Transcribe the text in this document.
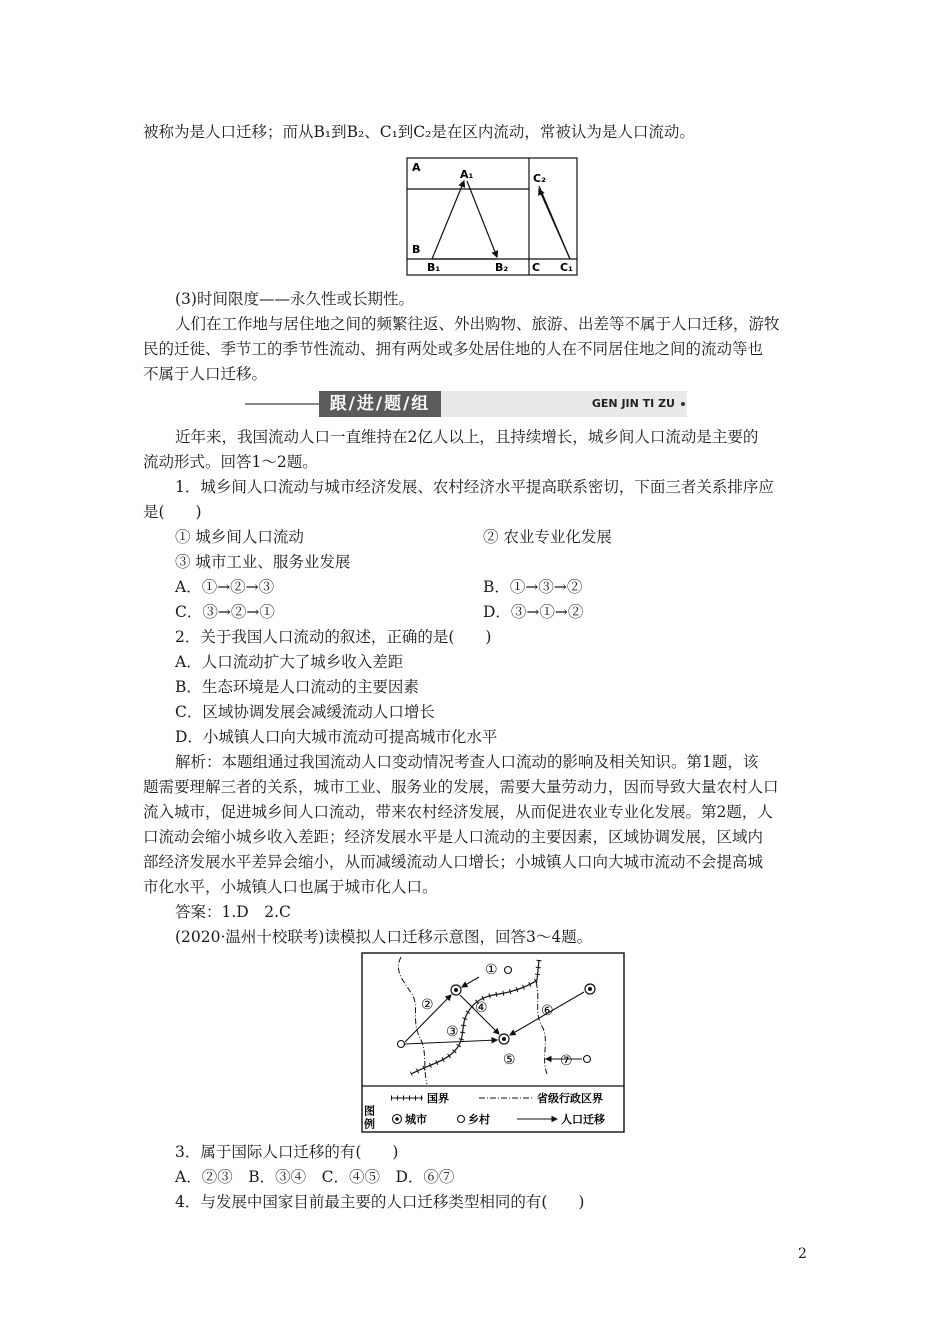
被称为是人口迁移；而从B₁到B₂、C₁到C₂是在区内流动，常被认为是人口流动。
A
A₁
B
B₁	B₂
C₂
C C₁
(3)时间限度——永久性或长期性。
人们在工作地与居住地之间的频繁往返、外出购物、旅游、出差等不属于人口迁移，游牧
民的迁徙、季节工的季节性流动、拥有两处或多处居住地的人在不同居住地之间的流动等也
不属于人口迁移。
跟/进/题/组	GEN JIN TI ZU
近年来，我国流动人口一直维持在2亿人以上，且持续增长，城乡间人口流动是主要的
流动形式。回答1～2题。
1．城乡间人口流动与城市经济发展、农村经济水平提高联系密切，下面三者关系排序应
是(　　)
① 城乡间人口流动	② 农业专业化发展
③ 城市工业、服务业发展
A．①→②→③	B．①→③→②
C．③→②→①	D．③→①→②
2．关于我国人口流动的叙述，正确的是(　　)
A．人口流动扩大了城乡收入差距
B．生态环境是人口流动的主要因素
C．区域协调发展会减缓流动人口增长
D．小城镇人口向大城市流动可提高城市化水平
解析：本题组通过我国流动人口变动情况考查人口流动的影响及相关知识。第1题，该
题需要理解三者的关系，城市工业、服务业的发展，需要大量劳动力，因而导致大量农村人口
流入城市，促进城乡间人口流动，带来农村经济发展，从而促进农业专业化发展。第2题，人
口流动会缩小城乡收入差距；经济发展水平是人口流动的主要因素，区域协调发展，区域内
部经济发展水平差异会缩小，从而减缓流动人口增长；小城镇人口向大城市流动不会提高城
市化水平，小城镇人口也属于城市化人口。
答案：1.D　2.C
(2020·温州十校联考)读模拟人口迁移示意图，回答3～4题。
①
②
③
④
⑤
⑥
⑦
图例
国界	省级行政区界
城市	乡村	人口迁移
3．属于国际人口迁移的有(　　)
A．②③　B．③④　C．④⑤　D．⑥⑦
4．与发展中国家目前最主要的人口迁移类型相同的有(　　)
2
